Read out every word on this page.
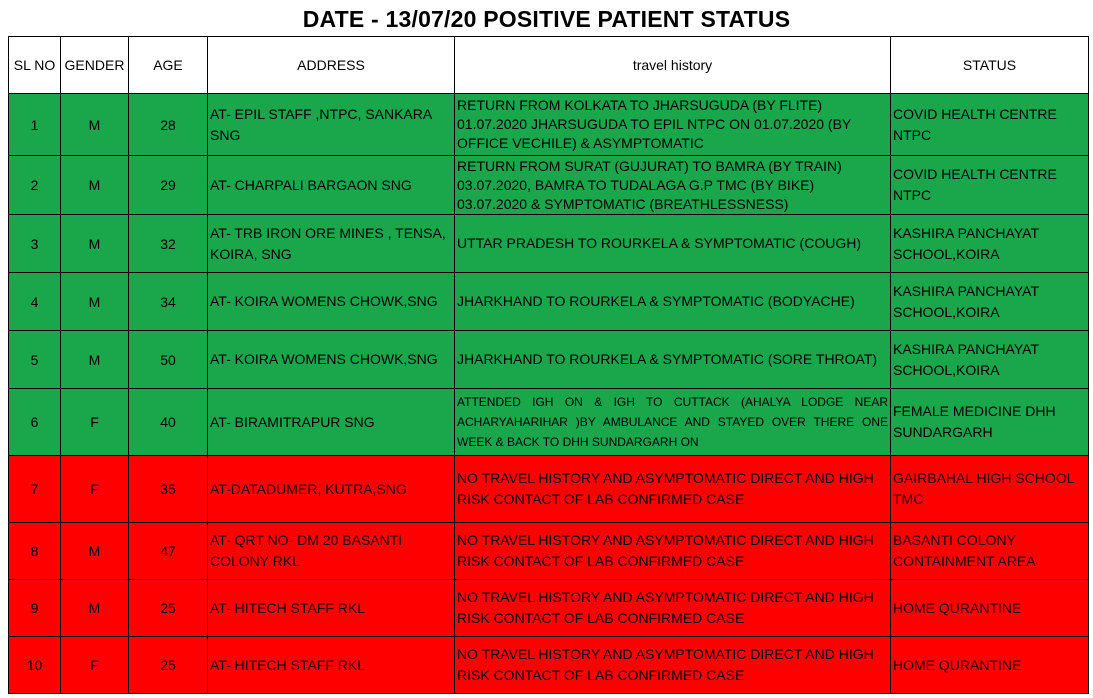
DATE - 13/07/20 POSITIVE PATIENT STATUS
SL NO	GENDER	AGE	ADDRESS	travel history	STATUS
1	M	28	AT- EPIL STAFF ,NTPC, SANKARA SNG	RETURN FROM KOLKATA TO JHARSUGUDA (BY FLITE) 01.07.2020 JHARSUGUDA TO EPIL NTPC ON 01.07.2020 (BY OFFICE VECHILE) & ASYMPTOMATIC	COVID HEALTH CENTRE NTPC
2	M	29	AT- CHARPALI BARGAON SNG	RETURN FROM SURAT (GUJURAT) TO BAMRA (BY TRAIN) 03.07.2020, BAMRA TO TUDALAGA G.P TMC (BY BIKE) 03.07.2020 & SYMPTOMATIC (BREATHLESSNESS)	COVID HEALTH CENTRE NTPC
3	M	32	AT- TRB IRON ORE MINES , TENSA, KOIRA, SNG	UTTAR PRADESH TO ROURKELA & SYMPTOMATIC (COUGH)	KASHIRA PANCHAYAT SCHOOL,KOIRA
4	M	34	AT- KOIRA WOMENS CHOWK,SNG	JHARKHAND TO ROURKELA & SYMPTOMATIC (BODYACHE)	KASHIRA PANCHAYAT SCHOOL,KOIRA
5	M	50	AT- KOIRA WOMENS CHOWK,SNG	JHARKHAND TO ROURKELA & SYMPTOMATIC (SORE THROAT)	KASHIRA PANCHAYAT SCHOOL,KOIRA
6	F	40	AT- BIRAMITRAPUR SNG	ATTENDED IGH ON & IGH TO CUTTACK (AHALYA LODGE NEAR ACHARYAHARIHAR )BY AMBULANCE AND STAYED OVER THERE ONE WEEK & BACK TO DHH SUNDARGARH ON	FEMALE MEDICINE DHH SUNDARGARH
7	F	35	AT-DATADUMER, KUTRA,SNG	NO TRAVEL HISTORY AND ASYMPTOMATIC DIRECT AND HIGH RISK CONTACT OF LAB CONFIRMED CASE	GAIRBAHAL HIGH SCHOOL TMC
8	M	47	AT- QRT NO- DM 20 BASANTI COLONY RKL	NO TRAVEL HISTORY AND ASYMPTOMATIC DIRECT AND HIGH RISK CONTACT OF LAB CONFIRMED CASE	BASANTI COLONY CONTAINMENT AREA
9	M	25	AT- HITECH STAFF RKL	NO TRAVEL HISTORY AND ASYMPTOMATIC DIRECT AND HIGH RISK CONTACT OF LAB CONFIRMED CASE	HOME QURANTINE
10	F	25	AT- HITECH STAFF RKL	NO TRAVEL HISTORY AND ASYMPTOMATIC DIRECT AND HIGH RISK CONTACT OF LAB CONFIRMED CASE	HOME QURANTINE
